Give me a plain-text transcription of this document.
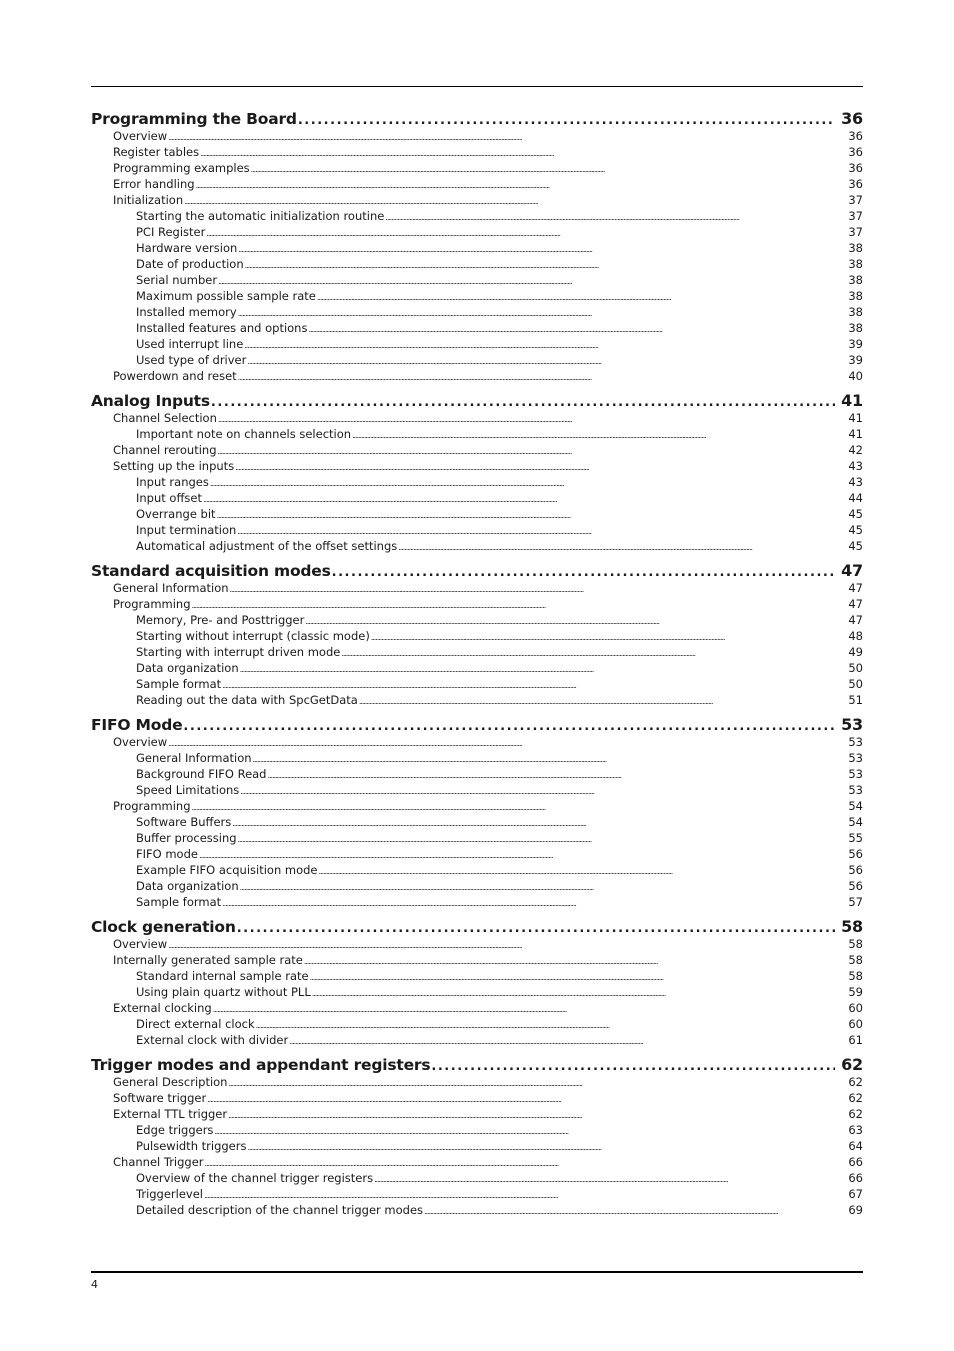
Programming the Board . . .	36
Overview . . .	36
Register tables . . .	36
Programming examples . . .	36
Error handling . . .	36
Initialization . . .	37
Starting the automatic initialization routine . . .	37
PCI Register . . .	37
Hardware version . . .	38
Date of production . . .	38
Serial number . . .	38
Maximum possible sample rate . . .	38
Installed memory . . .	38
Installed features and options . . .	38
Used interrupt line . . .	39
Used type of driver . . .	39
Powerdown and reset . . .	40
Analog Inputs . . .	41
Channel Selection . . .	41
Important note on channels selection . . .	41
Channel rerouting . . .	42
Setting up the inputs . . .	43
Input ranges . . .	43
Input offset . . .	44
Overrange bit . . .	45
Input termination . . .	45
Automatical adjustment of the offset settings . . .	45
Standard acquisition modes . . .	47
General Information . . .	47
Programming . . .	47
Memory, Pre- and Posttrigger . . .	47
Starting without interrupt (classic mode) . . .	48
Starting with interrupt driven mode . . .	49
Data organization . . .	50
Sample format . . .	50
Reading out the data with SpcGetData . . .	51
FIFO Mode . . .	53
Overview . . .	53
General Information . . .	53
Background FIFO Read . . .	53
Speed Limitations . . .	53
Programming . . .	54
Software Buffers . . .	54
Buffer processing . . .	55
FIFO mode . . .	56
Example FIFO acquisition mode . . .	56
Data organization . . .	56
Sample format . . .	57
Clock generation . . .	58
Overview . . .	58
Internally generated sample rate . . .	58
Standard internal sample rate . . .	58
Using plain quartz without PLL . . .	59
External clocking . . .	60
Direct external clock . . .	60
External clock with divider . . .	61
Trigger modes and appendant registers . . .	62
General Description . . .	62
Software trigger . . .	62
External TTL trigger . . .	62
Edge triggers . . .	63
Pulsewidth triggers . . .	64
Channel Trigger . . .	66
Overview of the channel trigger registers . . .	66
Triggerlevel . . .	67
Detailed description of the channel trigger modes . . .	69
4
